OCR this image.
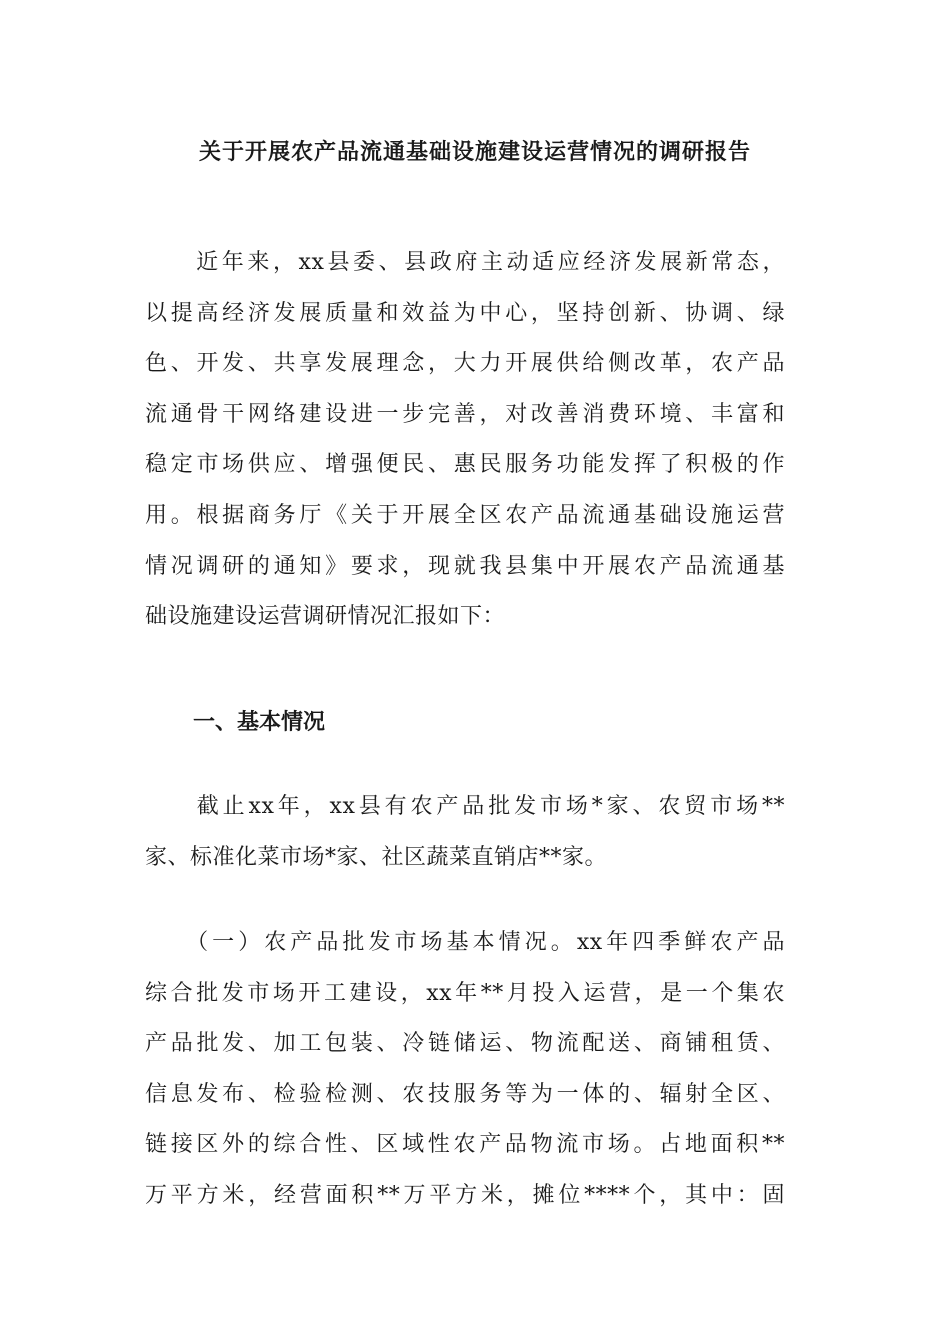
关于开展农产品流通基础设施建设运营情况的调研报告
　　近年来，xx县委、县政府主动适应经济发展新常态，
以提高经济发展质量和效益为中心，坚持创新、协调、绿
色、开发、共享发展理念，大力开展供给侧改革，农产品
流通骨干网络建设进一步完善，对改善消费环境、丰富和
稳定市场供应、增强便民、惠民服务功能发挥了积极的作
用。根据商务厅《关于开展全区农产品流通基础设施运营
情况调研的通知》要求，现就我县集中开展农产品流通基
础设施建设运营调研情况汇报如下：
一、基本情况
　　截止xx年，xx县有农产品批发市场*家、农贸市场**
家、标准化菜市场*家、社区蔬菜直销店**家。
　　（一）农产品批发市场基本情况。xx年四季鲜农产品
综合批发市场开工建设，xx年**月投入运营，是一个集农
产品批发、加工包装、冷链储运、物流配送、商铺租赁、
信息发布、检验检测、农技服务等为一体的、辐射全区、
链接区外的综合性、区域性农产品物流市场。占地面积**
万平方米，经营面积**万平方米，摊位****个，其中：固
